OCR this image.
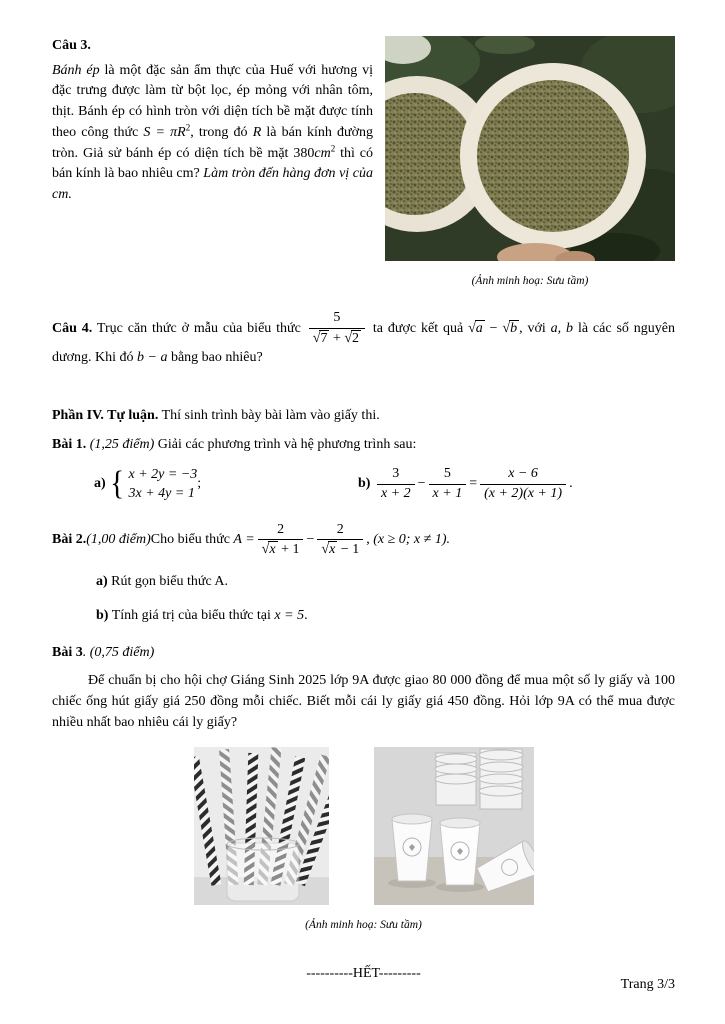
(Ảnh minh hoạ: Sưu tầm)
Câu 3.

Bánh ép là một đặc sản ẩm thực của Huế với hương vị đặc trưng được làm từ bột lọc, ép mỏng với nhân tôm, thịt. Bánh ép có hình tròn với diện tích bề mặt được tính theo công thức $S = \pi R^2$, trong đó R là bán kính đường tròn. Giả sử bánh ép có diện tích bề mặt $380cm^2$ thì có bán kính là bao nhiêu cm? Làm tròn đến hàng đơn vị của cm.

Câu 4. Trục căn thức ở mẫu của biểu thức $\frac{5}{√7 + √2}$ ta được kết quả √a − √b , với a, b là các số nguyên dương. Khi đó b − a bằng bao nhiêu?

Phần IV. Tự luận. Thí sinh trình bày bài làm vào giấy thi.

Bài 1. (1,25 điểm) Giải các phương trình và hệ phương trình sau:

a)
{ x + 2y = −3
3x + 4y = 1
;	b)
$\frac{3}{x + 2} - \frac{5}{x + 1} = \frac{x - 6}{(x + 2)(x + 1)}$ .

Bài 2. (1,00 điểm) Cho biểu thức
$A = \frac{2}{√x + 1} - \frac{2}{√x - 1}$ ,
(x ≥ 0; x ≠ 1).

a) Rút gọn biểu thức A.

b) Tính giá trị của biểu thức tại x = 5.

Bài 3. (0,75 điểm)

Để chuẩn bị cho hội chợ Giáng Sinh 2025 lớp 9A được giao 80 000 đồng để mua một số ly giấy và 100 chiếc ống hút giấy giá 250 đồng mỗi chiếc. Biết mỗi cái ly giấy giá 450 đồng. Hỏi lớp 9A có thể mua được nhiều nhất bao nhiêu cái ly giấy?

(Ảnh minh hoạ: Sưu tầm)
----------HẾT---------
Trang 3/3
